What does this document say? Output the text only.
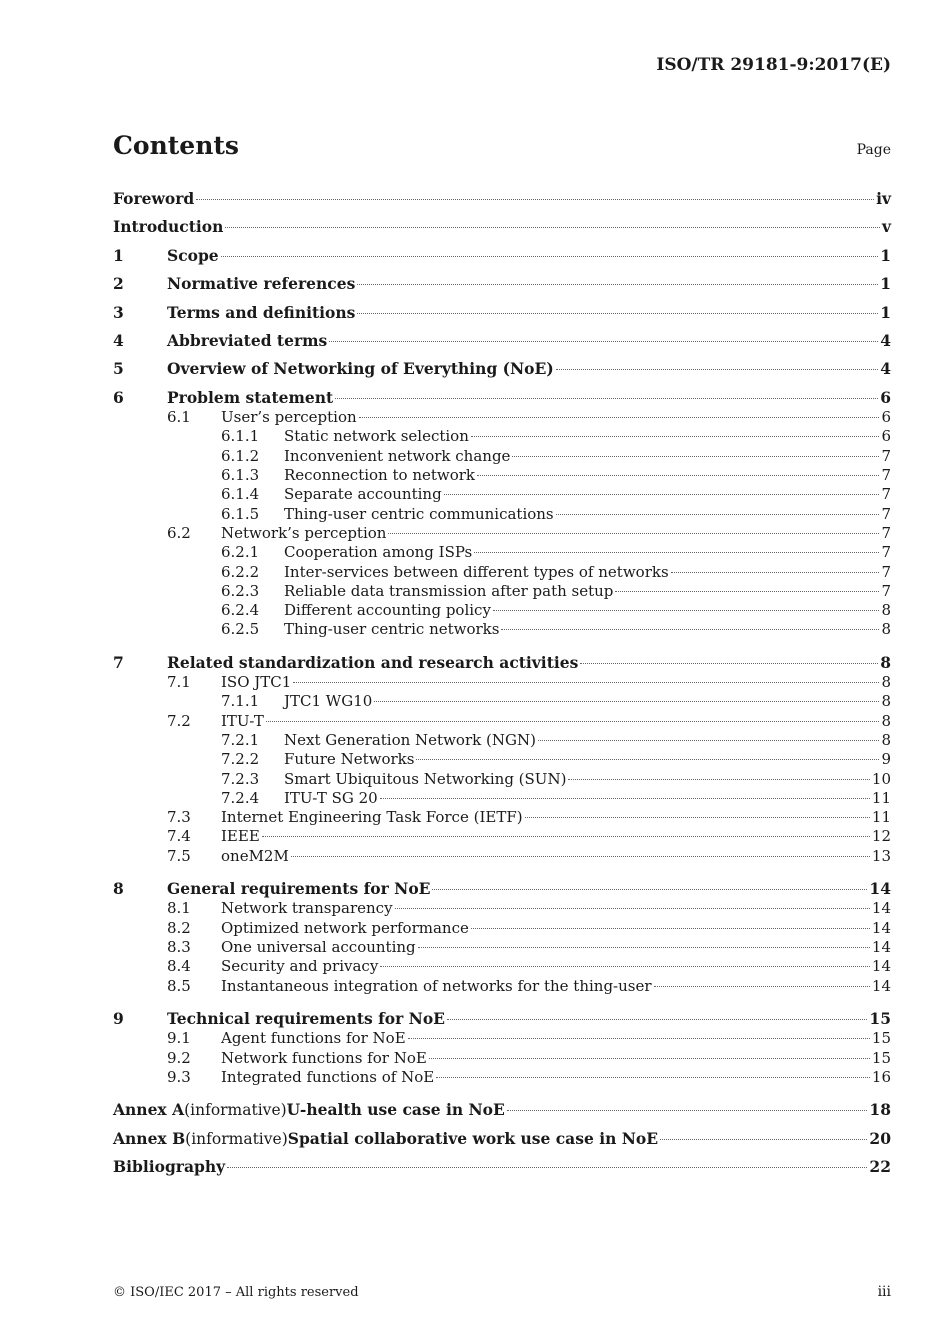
ISO/TR 29181-9:2017(E)
Contents	Page
Foreword	iv
Introduction	v
1	Scope	1
2	Normative references	1
3	Terms and definitions	1
4	Abbreviated terms	4
5	Overview of Networking of Everything (NoE)	4
6	Problem statement	6
6.1	User’s perception	6
6.1.1	Static network selection	6
6.1.2	Inconvenient network change	7
6.1.3	Reconnection to network	7
6.1.4	Separate accounting	7
6.1.5	Thing-user centric communications	7
6.2	Network’s perception	7
6.2.1	Cooperation among ISPs	7
6.2.2	Inter-services between different types of networks	7
6.2.3	Reliable data transmission after path setup	7
6.2.4	Different accounting policy	8
6.2.5	Thing-user centric networks	8
7	Related standardization and research activities	8
7.1	ISO JTC1	8
7.1.1	JTC1 WG10	8
7.2	ITU-T	8
7.2.1	Next Generation Network (NGN)	8
7.2.2	Future Networks	9
7.2.3	Smart Ubiquitous Networking (SUN)	10
7.2.4	ITU-T SG 20	11
7.3	Internet Engineering Task Force (IETF)	11
7.4	IEEE	12
7.5	oneM2M	13
8	General requirements for NoE	14
8.1	Network transparency	14
8.2	Optimized network performance	14
8.3	One universal accounting	14
8.4	Security and privacy	14
8.5	Instantaneous integration of networks for the thing-user	14
9	Technical requirements for NoE	15
9.1	Agent functions for NoE	15
9.2	Network functions for NoE	15
9.3	Integrated functions of NoE	16
Annex A (informative) U-health use case in NoE	18
Annex B (informative) Spatial collaborative work use case in NoE	20
Bibliography	22
© ISO/IEC 2017 – All rights reserved	iii
